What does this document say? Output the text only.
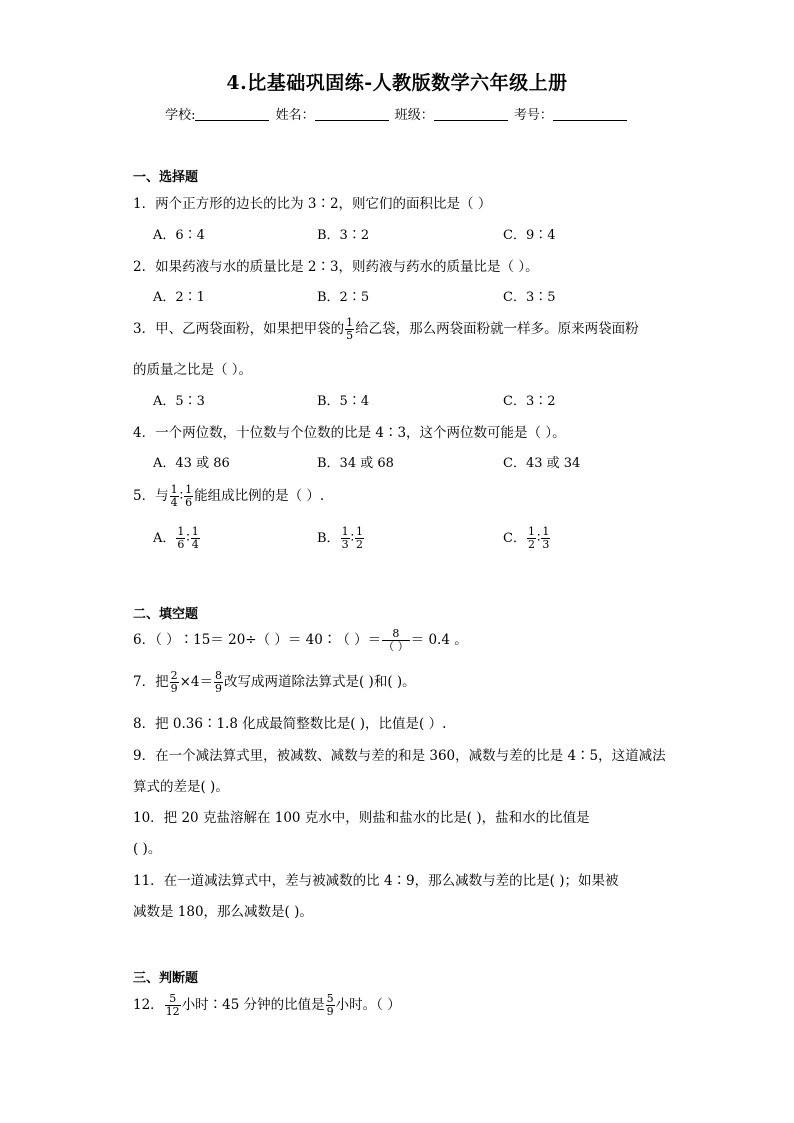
4.比基础巩固练-人教版数学六年级上册
学校:	姓名：	班级：	考号：
一、选择题
1．两个正方形的边长的比为 3∶2，则它们的面积比是（ ）
A．6∶4	B．3∶2	C．9∶4
2．如果药液与水的质量比是 2∶3，则药液与药水的质量比是（ ）。
A．2∶1	B．2∶5	C．3∶5
3．甲、乙两袋面粉，如果把甲袋的 $\frac{1}{5}$ 给乙袋，那么两袋面粉就一样多。原来两袋面粉
的质量之比是（ ）。
A．5∶3	B．5∶4	C．3∶2
4．一个两位数，十位数与个位数的比是 4∶3，这个两位数可能是（ ）。
A．43 或 86	B．34 或 68	C．43 或 34
5．与 $\frac{1}{4}$ ∶ $\frac{1}{6}$ 能组成比例的是（ ）.
A． $\frac{1}{6}$ ∶ $\frac{1}{4}$	B． $\frac{1}{3}$ ∶ $\frac{1}{2}$	C． $\frac{1}{2}$ ∶ $\frac{1}{3}$
二、填空题
6．（ ）∶15＝ 20÷（ ）＝ 40∶（ ）＝	8
（ ） ＝ 0.4 。
7．把 $\frac{2}{9} \times 4= \frac{8}{9}$ 改写成两道除法算式是( )和( )。
8．把 0.36∶1.8 化成最简整数比是( )，比值是( ）.
9．在一个减法算式里，被减数、减数与差的和是 360，减数与差的比是 4∶5，这道减法
算式的差是( )。
10．把 20 克盐溶解在 100 克水中，则盐和盐水的比是( )，盐和水的比值是
( )。
11．在一道减法算式中，差与被减数的比 4∶9，那么减数与差的比是( )；如果被
减数是 180，那么减数是( )。
三、判断题
12． $\frac{5}{12}$ 小时∶45 分钟的比值是 $\frac{5}{9}$ 小时。（ ）
